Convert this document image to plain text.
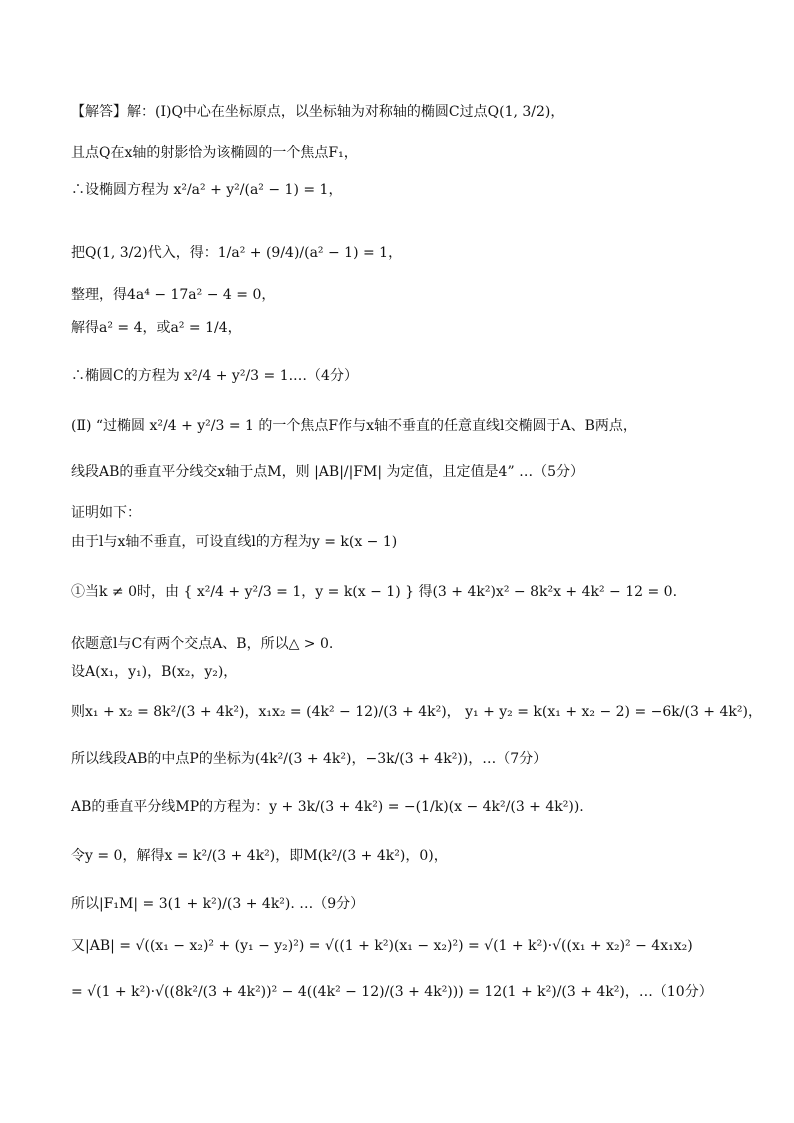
【解答】解：(Ⅰ)Q中心在坐标原点，以坐标轴为对称轴的椭圆C过点Q(1, 3/2)，
且点Q在x轴的射影恰为该椭圆的一个焦点F₁，
∴设椭圆方程为 x²/a² + y²/(a² − 1) = 1，
把Q(1, 3/2)代入，得：1/a² + (9/4)/(a² − 1) = 1，
整理，得4a⁴ − 17a² − 4 = 0，
解得a² = 4，或a² = 1/4，
∴椭圆C的方程为 x²/4 + y²/3 = 1.…（4分）
(Ⅱ) “过椭圆 x²/4 + y²/3 = 1 的一个焦点F作与x轴不垂直的任意直线l交椭圆于A、B两点，
线段AB的垂直平分线交x轴于点M，则 |AB|/|FM| 为定值，且定值是4” …（5分）
证明如下：
由于l与x轴不垂直，可设直线l的方程为y = k(x − 1)
①当k ≠ 0时，由 { x²/4 + y²/3 = 1，y = k(x − 1) } 得(3 + 4k²)x² − 8k²x + 4k² − 12 = 0.
依题意l与C有两个交点A、B，所以△ > 0.
设A(x₁，y₁)，B(x₂，y₂)，
则x₁ + x₂ = 8k²/(3 + 4k²)，x₁x₂ = (4k² − 12)/(3 + 4k²)， y₁ + y₂ = k(x₁ + x₂ − 2) = −6k/(3 + 4k²)，
所以线段AB的中点P的坐标为(4k²/(3 + 4k²)，−3k/(3 + 4k²))，…（7分）
AB的垂直平分线MP的方程为：y + 3k/(3 + 4k²) = −(1/k)(x − 4k²/(3 + 4k²)).
令y = 0，解得x = k²/(3 + 4k²)，即M(k²/(3 + 4k²)，0)，
所以|F₁M| = 3(1 + k²)/(3 + 4k²). …（9分）
又|AB| = √((x₁ − x₂)² + (y₁ − y₂)²) = √((1 + k²)(x₁ − x₂)²) = √(1 + k²)·√((x₁ + x₂)² − 4x₁x₂)
= √(1 + k²)·√((8k²/(3 + 4k²))² − 4((4k² − 12)/(3 + 4k²))) = 12(1 + k²)/(3 + 4k²)，…（10分）
